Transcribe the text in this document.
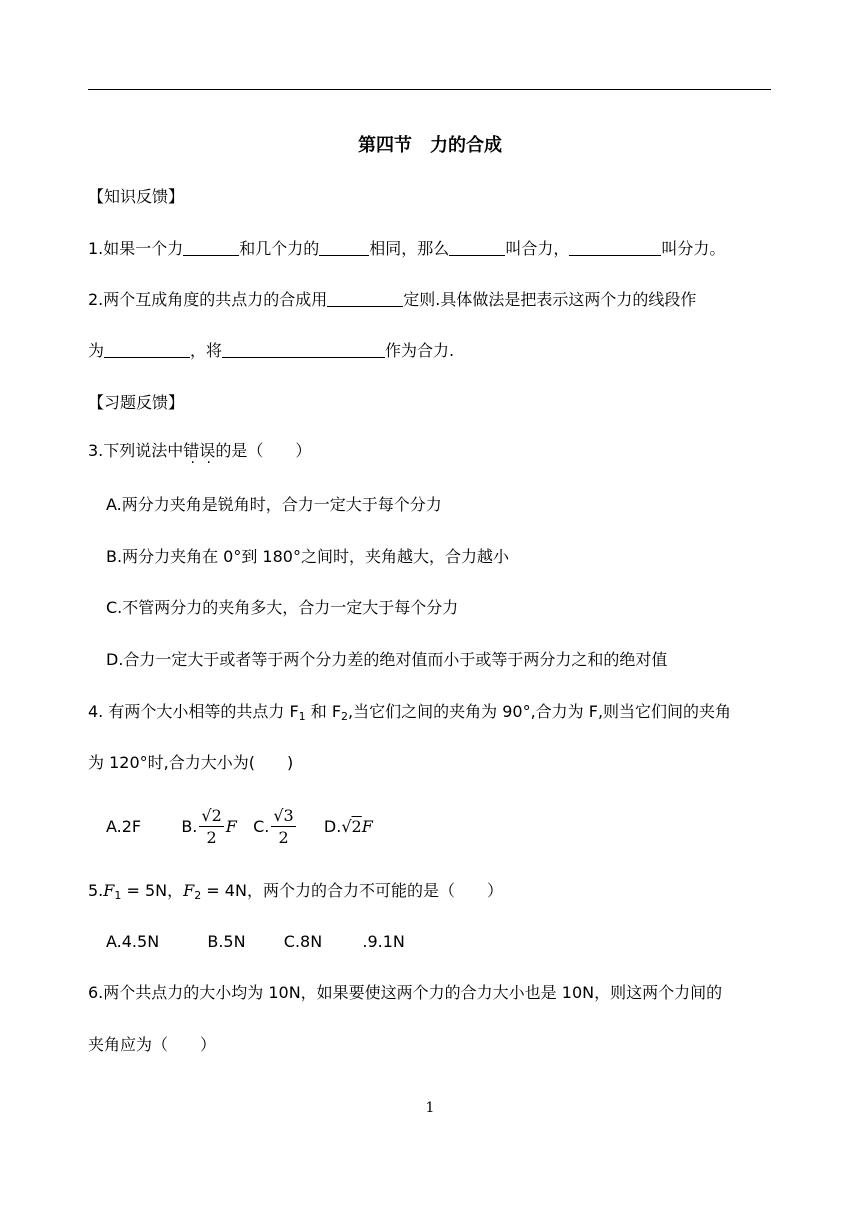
第四节　力的合成
【知识反馈】
1.如果一个力	和几个力的	相同，那么	叫合力，	叫分力。
2.两个互成角度的共点力的合成用	定则.具体做法是把表示这两个力的线段作
为	，将	作为合力.
【习题反馈】
3.下列说法中错误的是（　　）
A.两分力夹角是锐角时，合力一定大于每个分力
B.两分力夹角在 0°到 180°之间时，夹角越大，合力越小
C.不管两分力的夹角多大，合力一定大于每个分力
D.合力一定大于或者等于两个分力差的绝对值而小于或等于两分力之和的绝对值
4. 有两个大小相等的共点力 $F_1$ 和 $F_2$,当它们之间的夹角为 90°,合力为 F,则当它们间的夹角
为 120°时,合力大小为(　　)
A.2F	B. $\frac{√2}{2}$ F C. $\frac{√3}{2} D.√2F$
$5.F_1 = 5N$，$F_2 = 4N$，两个力的合力不可能的是（　　）
A.4.5N	B.5N C.8N	.9.1N
6.两个共点力的大小均为 10N，如果要使这两个力的合力大小也是 10N，则这两个力间的
夹角应为（　　）
1
